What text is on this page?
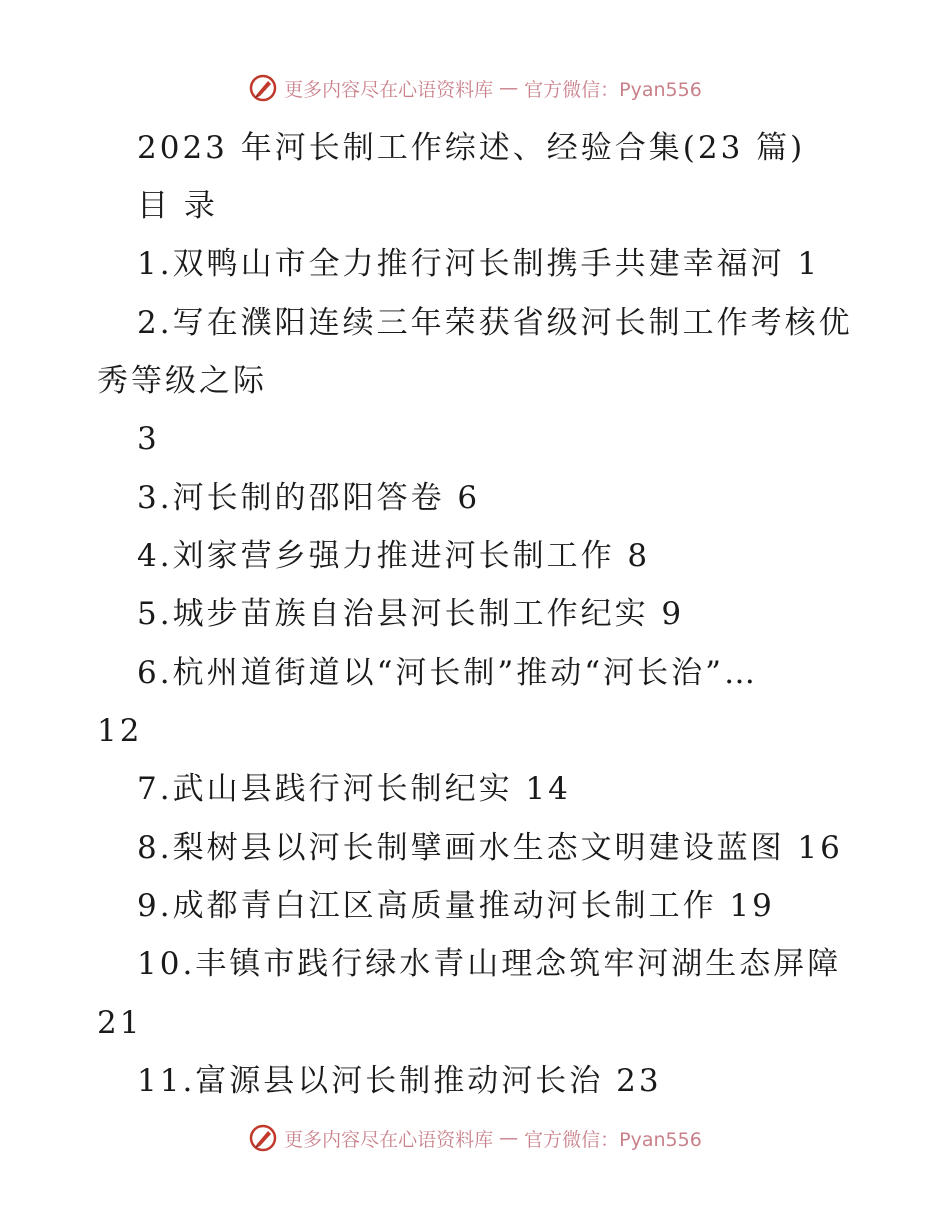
更多内容尽在心语资料库 — 官方微信：Pyan556
2023 年河长制工作综述、经验合集(23 篇)
目 录
1.双鸭山市全力推行河长制携手共建幸福河 1
2.写在濮阳连续三年荣获省级河长制工作考核优
秀等级之际
3
3.河长制的邵阳答卷 6
4.刘家营乡强力推进河长制工作 8
5.城步苗族自治县河长制工作纪实 9
6.杭州道街道以“河长制”推动“河长治”…
12
7.武山县践行河长制纪实 14
8.梨树县以河长制擘画水生态文明建设蓝图 16
9.成都青白江区高质量推动河长制工作 19
10.丰镇市践行绿水青山理念筑牢河湖生态屏障
21
11.富源县以河长制推动河长治 23
更多内容尽在心语资料库 — 官方微信：Pyan556
